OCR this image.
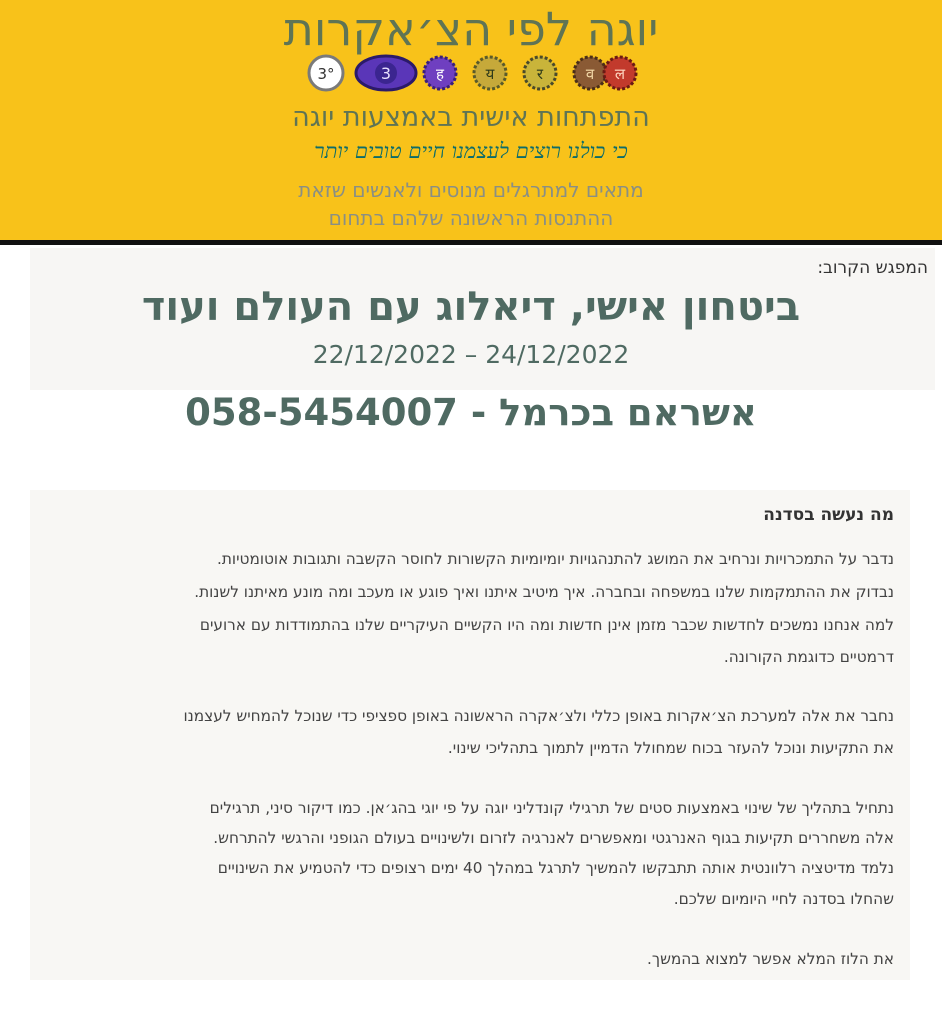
יוגה לפי הצ׳אקרות
3°	3	ह	य	र	व ल
התפתחות אישית באמצעות יוגה
כי כולנו רוצים לעצמנו חיים טובים יותר
מתאים למתרגלים מנוסים ולאנשים שזאת
ההתנסות הראשונה שלהם בתחום
המפגש הקרוב:
ביטחון אישי, דיאלוג עם העולם ועוד
22/12/2022 – 24/12/2022
אשראם בכרמל - 058-5454007
מה נעשה בסדנה
נדבר על התמכרויות ונרחיב את המושג להתנהגויות יומיומיות הקשורות לחוסר הקשבה ותגובות אוטומטיות.
נבדוק את ההתמקמות שלנו במשפחה ובחברה. איך מיטיב איתנו ואיך פוגע או מעכב ומה מונע מאיתנו לשנות.
למה אנחנו נמשכים לחדשות שכבר מזמן אינן חדשות ומה היו הקשיים העיקריים שלנו בהתמודדות עם ארועים
דרמטיים כדוגמת הקורונה.
נחבר את אלה למערכת הצ׳אקרות באופן כללי ולצ׳אקרה הראשונה באופן ספציפי כדי שנוכל להמחיש לעצמנו
את התקיעות ונוכל להעזר בכוח שמחולל הדמיין לתמוך בתהליכי שינוי.
נתחיל בתהליך של שינוי באמצעות סטים של תרגילי קונדליני יוגה על פי יוגי בהג׳אן. כמו דיקור סיני, תרגילים
אלה משחררים תקיעות בגוף האנרגטי ומאפשרים לאנרגיה לזרום ולשינויים בעולם הגופני והרגשי להתרחש.
נלמד מדיטציה רלוונטית אותה תתבקשו להמשיך לתרגל במהלך 40 ימים רצופים כדי להטמיע את השינויים
שהחלו בסדנה לחיי היומיום שלכם.
את הלוז המלא אפשר למצוא בהמשך.
